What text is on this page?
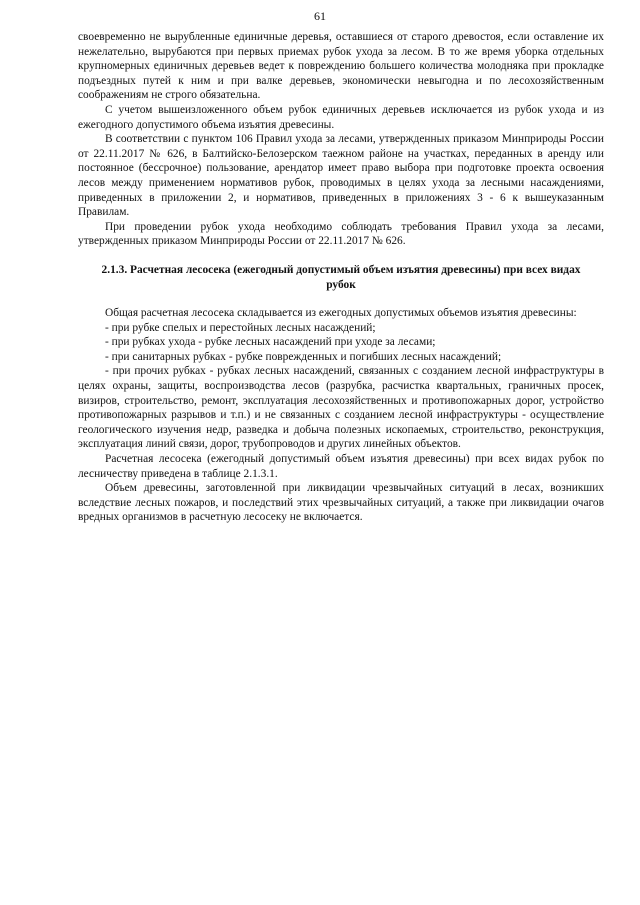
61

своевременно не вырубленные единичные деревья, оставшиеся от старого древостоя, если оставление их нежелательно, вырубаются при первых приемах рубок ухода за лесом. В то же время уборка отдельных крупномерных единичных деревьев ведет к повреждению большего количества молодняка при прокладке подъездных путей к ним и при валке деревьев, экономически невыгодна и по лесохозяйственным соображениям не строго обязательна.

С учетом вышеизложенного объем рубок единичных деревьев исключается из рубок ухода и из ежегодного допустимого объема изъятия древесины.

В соответствии с пунктом 106 Правил ухода за лесами, утвержденных приказом Минприроды России от 22.11.2017 № 626, в Балтийско-Белозерском таежном районе на участках, переданных в аренду или постоянное (бессрочное) пользование, арендатор имеет право выбора при подготовке проекта освоения лесов между применением нормативов рубок, проводимых в целях ухода за лесными насаждениями, приведенных в приложении 2, и нормативов, приведенных в приложениях 3 - 6 к вышеуказанным Правилам.

При проведении рубок ухода необходимо соблюдать требования Правил ухода за лесами, утвержденных приказом Минприроды России от 22.11.2017 № 626.

2.1.3. Расчетная лесосека (ежегодный допустимый объем изъятия древесины) при всех видах рубок

Общая расчетная лесосека складывается из ежегодных допустимых объемов изъятия древесины:

- при рубке спелых и перестойных лесных насаждений;

- при рубках ухода - рубке лесных насаждений при уходе за лесами;

- при санитарных рубках - рубке поврежденных и погибших лесных насаждений;

- при прочих рубках - рубках лесных насаждений, связанных с созданием лесной инфраструктуры в целях охраны, защиты, воспроизводства лесов (разрубка, расчистка квартальных, граничных просек, визиров, строительство, ремонт, эксплуатация лесохозяйственных и противопожарных дорог, устройство противопожарных разрывов и т.п.) и не связанных с созданием лесной инфраструктуры - осуществление геологического изучения недр, разведка и добыча полезных ископаемых, строительство, реконструкция, эксплуатация линий связи, дорог, трубопроводов и других линейных объектов.

Расчетная лесосека (ежегодный допустимый объем изъятия древесины) при всех видах рубок по лесничеству приведена в таблице 2.1.3.1.

Объем древесины, заготовленной при ликвидации чрезвычайных ситуаций в лесах, возникших вследствие лесных пожаров, и последствий этих чрезвычайных ситуаций, а также при ликвидации очагов вредных организмов в расчетную лесосеку не включается.
